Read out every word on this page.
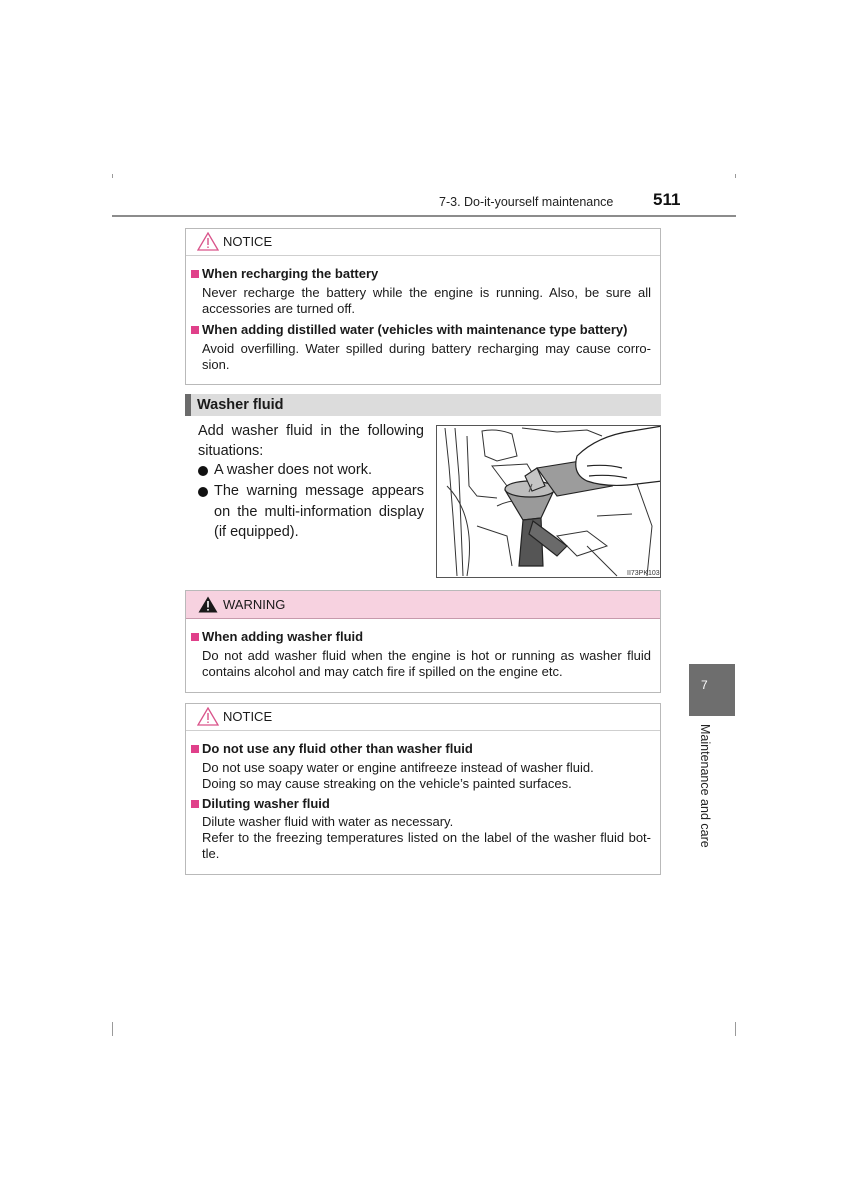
7-3. Do-it-yourself maintenance 511
NOTICE
When recharging the battery
Never recharge the battery while the engine is running. Also, be sure all accessories are turned off.
When adding distilled water (vehicles with maintenance type battery)
Avoid overfilling. Water spilled during battery recharging may cause corro-sion.
Washer fluid
Add washer fluid in the following situations:
A washer does not work.
The warning message appears on the multi-information display (if equipped).
II73PK103
WARNING
When adding washer fluid
Do not add washer fluid when the engine is hot or running as washer fluid contains alcohol and may catch fire if spilled on the engine etc.
NOTICE
Do not use any fluid other than washer fluid

Do not use soapy water or engine antifreeze instead of washer fluid.

Doing so may cause streaking on the vehicle’s painted surfaces.

Diluting washer fluid

Dilute washer fluid with water as necessary.

Refer to the freezing temperatures listed on the label of the washer fluid bot-tle.

7
Maintenance and care
